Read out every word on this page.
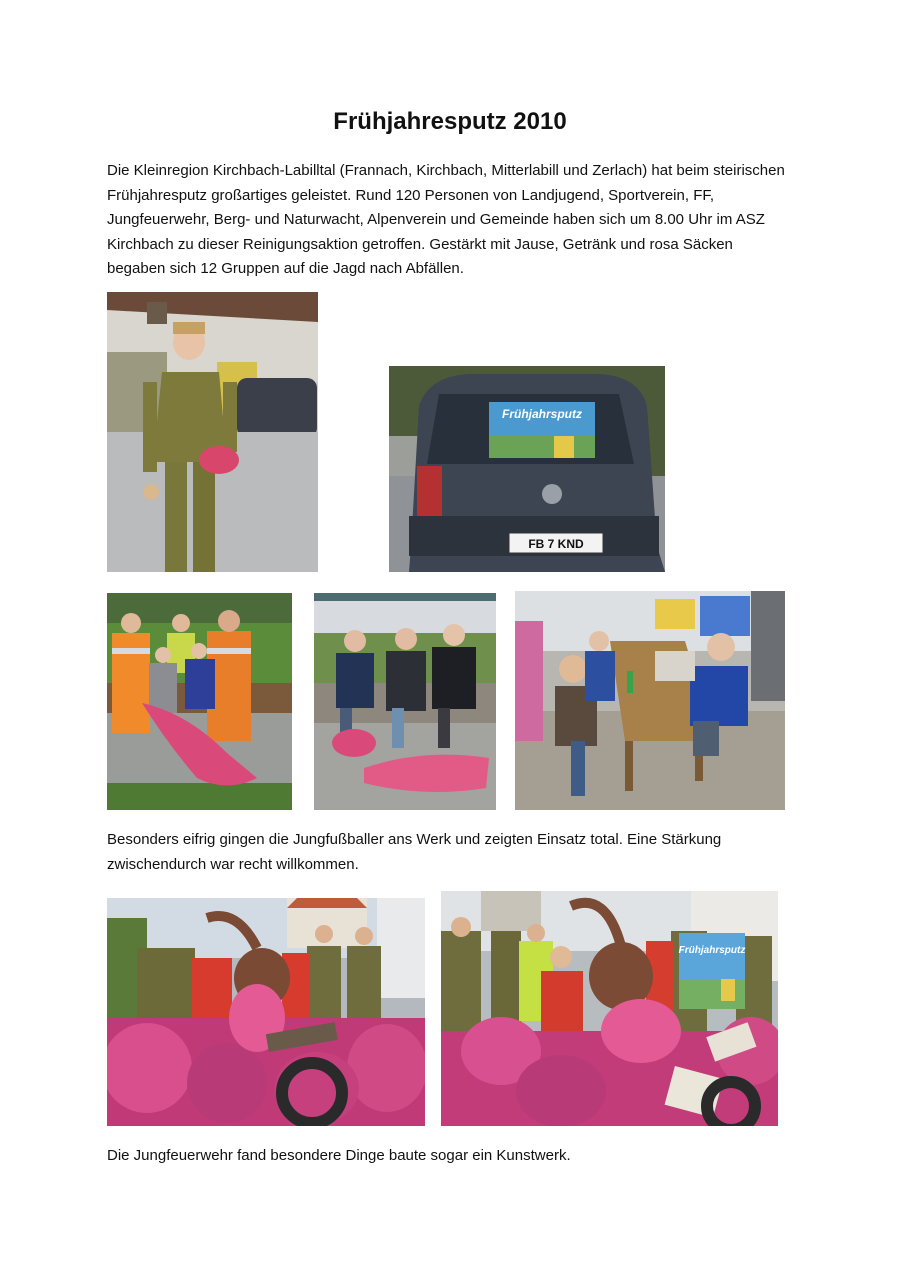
Frühjahresputz 2010

Die Kleinregion Kirchbach-Labilltal (Frannach, Kirchbach, Mitterlabill und Zerlach) hat beim steirischen Frühjahresputz großartiges geleistet. Rund 120 Personen von Landjugend, Sportverein, FF, Jungfeuerwehr, Berg- und Naturwacht, Alpenverein und Gemeinde haben sich um 8.00 Uhr im ASZ Kirchbach zu dieser Reinigungsaktion getroffen. Gestärkt mit Jause, Getränk und rosa Säcken begaben sich 12 Gruppen auf die Jagd nach Abfällen.

Frühjahrsputz
FB 7 KND

Besonders eifrig gingen die Jungfußballer ans Werk und zeigten Einsatz total. Eine Stärkung zwischendurch war recht willkommen.

Frühjahrsputz

Die Jungfeuerwehr fand besondere Dinge baute sogar ein Kunstwerk.
